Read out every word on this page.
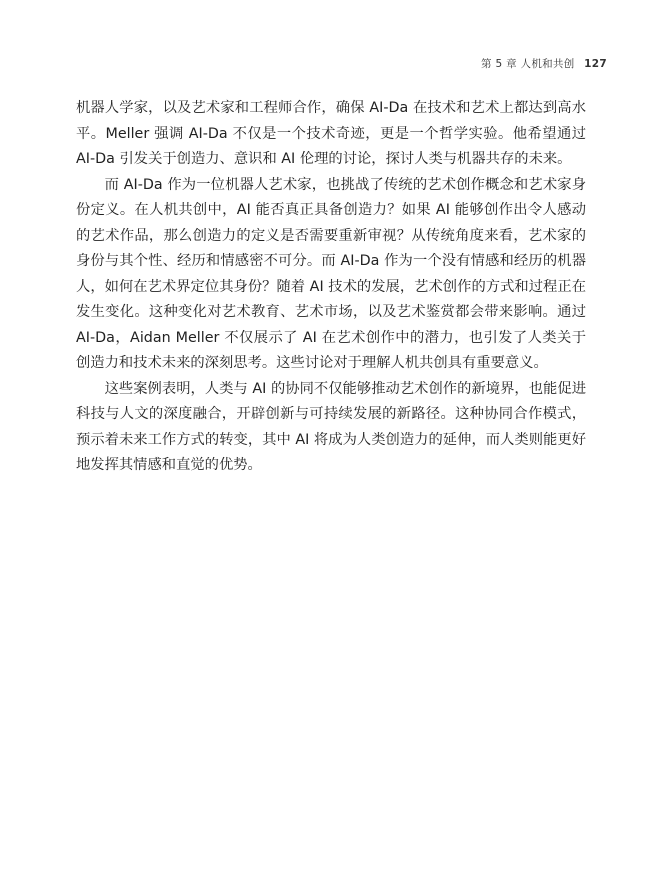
第 5 章 人机和共创 127

机器人学家，以及艺术家和工程师合作，确保 AI-Da 在技术和艺术上都达到高水平。Meller 强调 AI-Da 不仅是一个技术奇迹，更是一个哲学实验。他希望通过 AI-Da 引发关于创造力、意识和 AI 伦理的讨论，探讨人类与机器共存的未来。

而 AI-Da 作为一位机器人艺术家，也挑战了传统的艺术创作概念和艺术家身份定义。在人机共创中，AI 能否真正具备创造力？如果 AI 能够创作出令人感动的艺术作品，那么创造力的定义是否需要重新审视？从传统角度来看，艺术家的身份与其个性、经历和情感密不可分。而 AI-Da 作为一个没有情感和经历的机器人，如何在艺术界定位其身份？随着 AI 技术的发展，艺术创作的方式和过程正在发生变化。这种变化对艺术教育、艺术市场，以及艺术鉴赏都会带来影响。通过 AI-Da，Aidan Meller 不仅展示了 AI 在艺术创作中的潜力，也引发了人类关于创造力和技术未来的深刻思考。这些讨论对于理解人机共创具有重要意义。

这些案例表明，人类与 AI 的协同不仅能够推动艺术创作的新境界，也能促进科技与人文的深度融合，开辟创新与可持续发展的新路径。这种协同合作模式，预示着未来工作方式的转变，其中 AI 将成为人类创造力的延伸，而人类则能更好地发挥其情感和直觉的优势。
